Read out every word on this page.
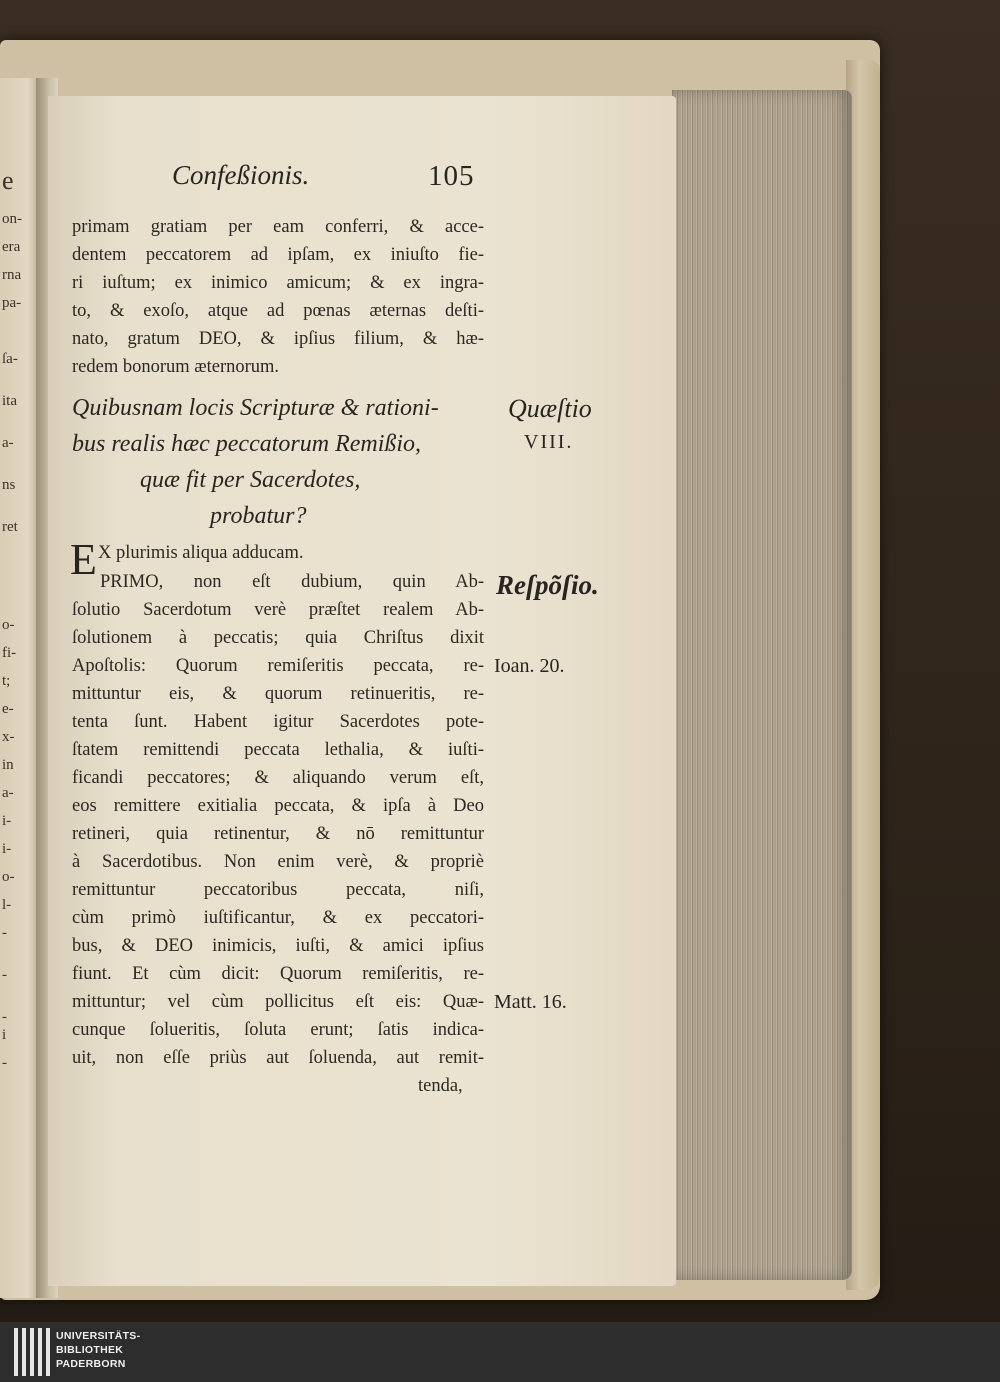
e
on-
era
rna
pa-
ſa-
ita
a-
ns
ret
o-
fi-
t;
e-
x-
in
a-
i-
i-
o-
l-
-
-
-
i
-
Confeßionis.	105
primam gratiam per eam conferri, & acce-
dentem peccatorem ad ipſam, ex iniuſto fie-
ri iuſtum; ex inimico amicum; & ex ingra-
to, & exoſo, atque ad pœnas æternas deſti-
nato, gratum DEO, & ipſius filium, & hæ-
redem bonorum æternorum.
Quibusnam locis Scripturæ & rationi-
bus realis hæc peccatorum Remißio,
quæ fit per Sacerdotes,
probatur?
E X plurimis aliqua adducam.
PRIMO, non eſt dubium, quin Ab-
ſolutio Sacerdotum verè præſtet realem Ab-
ſolutionem à peccatis; quia Chriſtus dixit
Apoſtolis: Quorum remiſeritis peccata, re-
mittuntur eis, & quorum retinueritis, re-
tenta ſunt. Habent igitur Sacerdotes pote-
ſtatem remittendi peccata lethalia, & iuſti-
ficandi peccatores; & aliquando verum eſt,
eos remittere exitialia peccata, & ipſa à Deo
retineri, quia retinentur, & nō remittuntur
à Sacerdotibus. Non enim verè, & propriè
remittuntur peccatoribus peccata, niſi,
cùm primò iuſtificantur, & ex peccatori-
bus, & DEO inimicis, iuſti, & amici ipſius
fiunt. Et cùm dicit: Quorum remiſeritis, re-
mittuntur; vel cùm pollicitus eſt eis: Quæ-
cunque ſolueritis, ſoluta erunt; ſatis indica-
uit, non eſſe priùs aut ſoluenda, aut remit-
tenda,
Quæſtio
VIII.
Reſpõſio.
Ioan. 20.
Matt. 16.
UNIVERSITÄTS-
BIBLIOTHEK
PADERBORN
